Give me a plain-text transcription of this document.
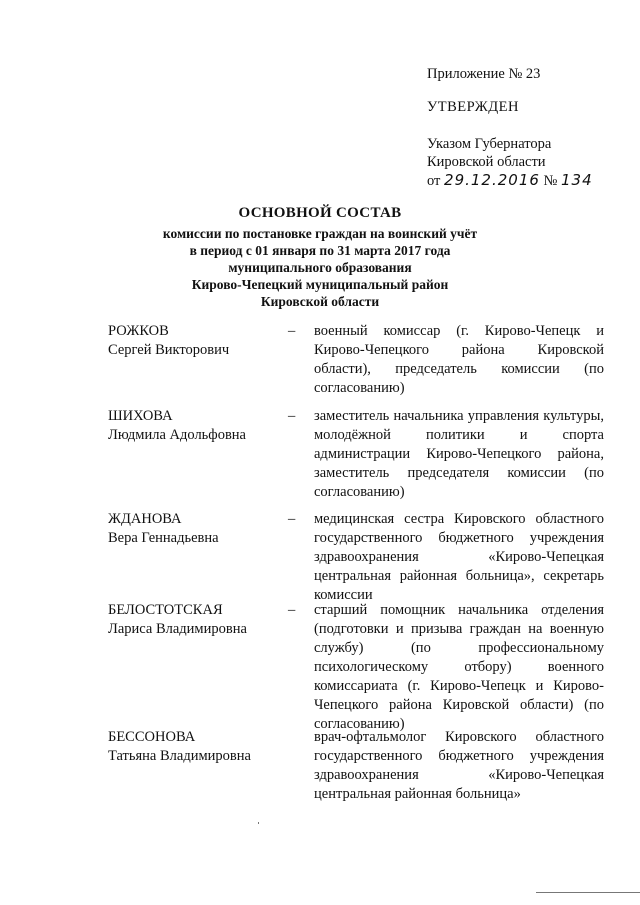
Приложение № 23
УТВЕРЖДЕН
Указом Губернатора
Кировской области
от 29.12.2016 № 134
ОСНОВНОЙ СОСТАВ
комиссии по постановке граждан на воинский учёт
в период с 01 января по 31 марта 2017 года
муниципального образования
Кирово-Чепецкий муниципальный район
Кировской области
РОЖКОВ
Сергей Викторович
– военный комиссар (г. Кирово-Чепецк и Кирово-Чепецкого района Кировской области), председатель комиссии (по согласованию)
ШИХОВА
Людмила Адольфовна
– заместитель начальника управления культуры, молодёжной политики и спорта администрации Кирово-Чепецкого района, заместитель председателя комиссии (по согласованию)
ЖДАНОВА
Вера Геннадьевна
– медицинская сестра Кировского областного государственного бюджетного учреждения здравоохранения «Кирово-Чепецкая центральная районная больница», секретарь комиссии
БЕЛОСТОТСКАЯ
Лариса Владимировна
– старший помощник начальника отделения (подготовки и призыва граждан на военную службу) (по профессиональному психологическому отбору) военного комиссариата (г. Кирово-Чепецк и Кирово-Чепецкого района Кировской области) (по согласованию)
БЕССОНОВА
Татьяна Владимировна
врач-офтальмолог Кировского областного государственного бюджетного учреждения здравоохранения «Кирово-Чепецкая центральная районная больница»
